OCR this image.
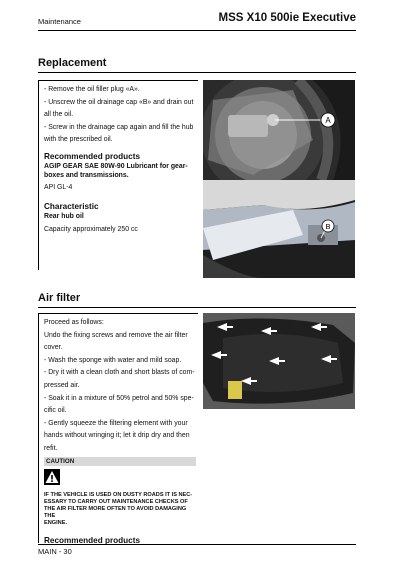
Maintenance	MSS X10 500ie Executive
Replacement
- Remove the oil filler plug «A».
- Unscrew the oil drainage cap «B» and drain out
all the oil.
- Screw in the drainage cap again and fill the hub
with the prescribed oil.
Recommended products
AGIP GEAR SAE 80W-90 Lubricant for gear-
boxes and transmissions.
API GL-4
Characteristic
Rear hub oil
Capacity approximately 250 cc
A
B
Air filter
Proceed as follows:
Undo the fixing screws and remove the air filter
cover.
- Wash the sponge with water and mild soap.
- Dry it with a clean cloth and short blasts of com-
pressed air.
- Soak it in a mixture of 50% petrol and 50% spe-
cific oil.
- Gently squeeze the filtering element with your
hands without wringing it; let it drip dry and then
refit.
CAUTION
IF THE VEHICLE IS USED ON DUSTY ROADS IT IS NEC-
ESSARY TO CARRY OUT MAINTENANCE CHECKS OF
THE AIR FILTER MORE OFTEN TO AVOID DAMAGING THE
ENGINE.
Recommended products
MAIN - 30
